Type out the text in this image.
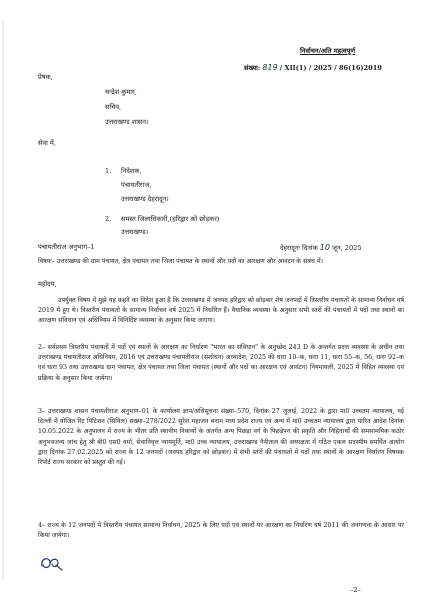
निर्वाचन/अति महत्वपूर्ण
संख्या: 819 / XII(1) / 2025 / 86(16)2019
प्रेषक,
चन्द्रेश कुमार,
सचिव,
उत्तराखण्ड शासन।
सेवा में,
1. निदेशक,
पंचायतीराज,
उत्तराखण्ड देहरादून।
2. समस्त जिलाधिकारी,(हरिद्वार को छोड़कर)
उत्तराखण्ड।
पंचायतीराज अनुभाग–1	देहरादूनः दिनांक 10 जून, 2025
विषयः– उत्तराखण्ड की ग्राम पंचायत, क्षेत्र पंचायत तथा जिला पंचायत के स्थानों और पदों का आरक्षण और आवंटन के संबंध में।
महोदय,
उपर्युक्त विषय में मुझे यह कहने का निदेश हुआ है कि उत्तराखण्ड में जनपद हरिद्वार को छोड़कर शेष जनपदों में त्रिस्तरीय पंचायतों के सामान्य निर्वाचन वर्ष 2019 में हुए थे। त्रिस्तरीय पंचायतों के सामान्य निर्वाचन वर्ष 2025 में निर्धारित हैं। वैधानिक व्यवस्था के अनुसार सभी स्तरों की पंचायतों में पदों तथा स्थानों का आरक्षण संविधान एवं अधिनियम में विनिर्दिष्ट व्यवस्था के अनुसार किया जाएगा।
2– सर्वप्रथम त्रिस्तरीय पंचायतों में पदों एवं स्थानों के आरक्षण का निर्धारण "भारत का संविधान" के अनुच्छेद 243 D के अन्तर्गत प्रदत्त व्यवस्था के अधीन तथा उत्तराखण्ड पंचायतीराज अधिनियम, 2016 एवं उत्तराखण्ड पंचायतीराज (संशोधन) अध्यादेश, 2025 की धारा 10–क, धारा 11, धारा 55–क, 56, धारा 92–क एवं धारा 93 तथा उत्तराखण्ड ग्राम पंचायत, क्षेत्र पंचायत तथा जिला पंचायत (स्थानों और पदों का आरक्षण एवं आवंटन) नियमावली, 2025 में विहित व्यवस्था एवं प्रक्रिया के अनुसार किया जायेगा।
3– उत्तराखण्ड शासन पंचायतीराज अनुभाग–01 के कार्यालय ज्ञाप/अधिसूचना संख्या–570, दिनांक 27 जुलाई, 2022 के द्वारा मा0 उच्चतम न्यायालय, नई दिल्ली में योजित रिट पिटिशन (सिविल) संख्या–278/2022 सुरेश महाजन बनाम मध्य प्रदेश राज्य एवं अन्य में मा0 उच्चतम न्यायालय द्वारा पारित आदेश दिनांक 10.05.2022 के अनुपालन में राज्य के भीतर प्रति स्थानीय निकायों के अंतर्गत अन्य पिछड़ा वर्ग के पिछड़ेपन की प्रकृति और निहितार्थों की समसामयिक कठोर अनुभवजन्य जांच हेतु श्री बी0 एस0 वर्मा, सेवानिवृत्त न्यायमूर्ति, मा0 उच्च न्यायालय, उत्तराखण्ड नैनीताल की अध्यक्षता में गठित एकल सदस्यीय समर्पित आयोग द्वारा दिनांक 27.02.2025 को राज्य के 12 जनपदों (जनपद हरिद्वार को छोड़कर) में सभी स्तरों की पंचायतों में पदों तथा स्थानों के आरक्षण निर्धारण विषयक रिपोर्ट राज्य सरकार को प्रस्तुत की गई।
4– राज्य के 12 जनपदों में त्रिस्तरीय पंचायत सामान्य निर्वाचन, 2025 के लिए पदों एवं स्थानों पर आरक्षण का निर्धारण वर्ष 2011 की जनगणना के आधार पर किया जायेगा।
–2–
